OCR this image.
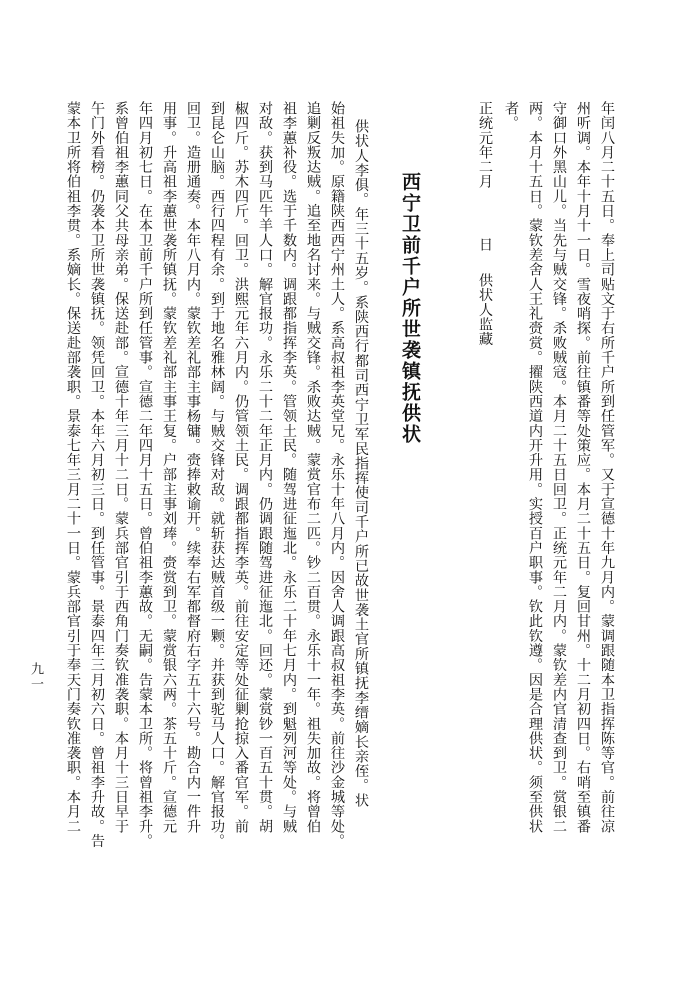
年闰八月二十五日。奉上司贴文于右所千户所到任管军。又于宣德十年九月内。蒙调跟随本卫指挥陈等官。前往凉
州听调。本年十月十一日。雪夜哨探。前往镇番等处策应。本月二十五日。复回甘州。十二月初四日。右哨至镇番
守御口外黑山儿。当先与贼交锋。杀败贼寇。本月二十五日回卫。正统元年二月内。蒙钦差内官清查到卫。赏银二
两。本月十五日。蒙钦差舍人王礼赍赏。擢陕西道内开升用。实授百户职事。钦此钦遵。因是合理供状。须至供状
者。
正统元年二月
日
供状人监藏
西宁卫前千户所世袭镇抚供状
供状人李俱。年三十五岁。系陕西行都司西宁卫军民指挥使司千户所已故世袭土官所镇抚李缙嫡长亲侄。状
始祖失加。原籍陕西西宁州土人。系高叔祖李英堂兄。永乐十年八月内。因舍人调跟高叔祖李英。前往沙金城等处。
追剿反叛达贼。追至地名讨来。与贼交锋。杀败达贼。蒙赏官布二匹。钞二百贯。永乐十一年。祖失加故。将曾伯
祖李蕙补役。选于千数内。调跟都指挥李英。管领土民。随驾进征迤北。永乐二十年七月内。到魁列河等处。与贼
对敌。获到马匹牛羊人口。解官报功。永乐二十二年正月内。仍调跟随驾进征迤北。回还。蒙赏钞一百五十贯。胡
椒四斤。苏木四斤。回卫。洪熙元年六月内。仍管领土民。调跟都指挥李英。前往安定等处征剿抢掠入番官军。前
到昆仑山脑。西行四程有余。到于地名雅林阔。与贼交锋对敌。就斩获达贼首级一颗。并获到驼马人口。解官报功。
回卫。造册通奏。本年八月内。蒙钦差礼部主事杨镛。赍捧敕谕开。续奉右军都督府右字五十六号。勘合内一件升
用事。升高祖李蕙世袭所镇抚。蒙钦差礼部主事王复。户部主事刘琫。赍赏到卫。蒙赏银六两。茶五十斤。宣德元
年四月初七日。在本卫前千户所到任管事。宣德二年四月十五日。曾伯祖李蕙故。无嗣。告蒙本卫所。将曾祖李升。
系曾伯祖李蕙同父共母亲弟。保送赴部。宣德十年三月十二日。蒙兵部官引于西角门奏钦准袭职。本月十三日早于
午门外看榜。仍袭本卫所世袭镇抚。领凭回卫。本年六月初三日。到任管事。景泰四年三月初六日。曾祖李升故。告
蒙本卫所将伯祖李贯。系嫡长。保送赴部袭职。景泰七年三月二十一日。蒙兵部官引于奉天门奏钦准袭职。本月二
九一
